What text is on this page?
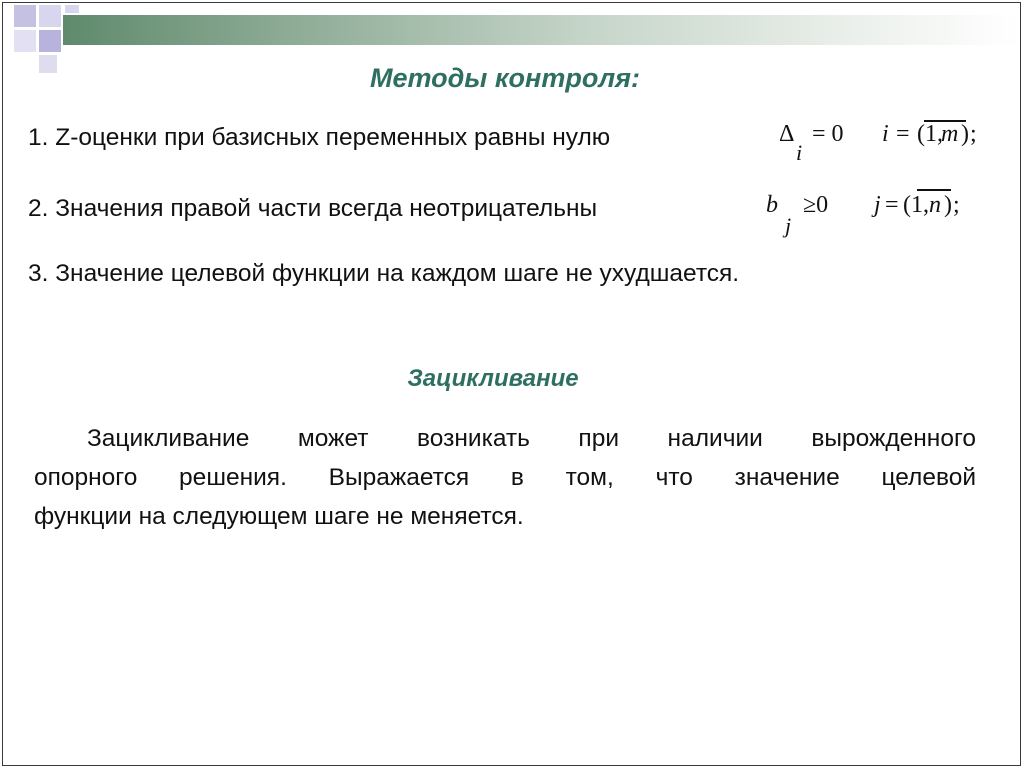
Методы контроля:
1. Z-оценки при базисных переменных равны нулю	Δ
i
= 0 i = (1,
m ) ;
2. Значения правой части всегда неотрицательны	b
j
≥0 j = (1, n ) ;
3. Значение целевой функции на каждом шаге не ухудшается.
Зацикливание
Зацикливание может возникать при наличии вырожденного
опорного решения. Выражается в том, что значение целевой
функции на следующем шаге не меняется.
